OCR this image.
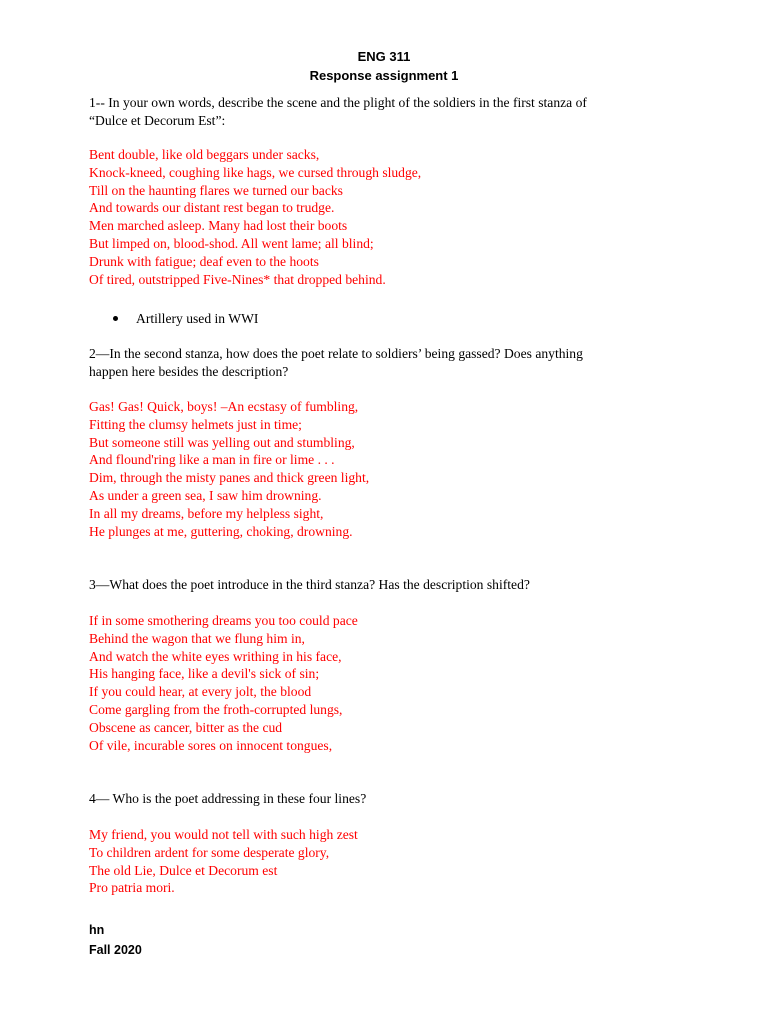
ENG 311

Response assignment 1

1-- In your own words, describe the scene and the plight of the soldiers in the first stanza of
“Dulce et Decorum Est”:
Bent double, like old beggars under sacks,
Knock-kneed, coughing like hags, we cursed through sludge,
Till on the haunting flares we turned our backs
And towards our distant rest began to trudge.
Men marched asleep. Many had lost their boots
But limped on, blood-shod. All went lame; all blind;
Drunk with fatigue; deaf even to the hoots
Of tired, outstripped Five-Nines* that dropped behind.
Artillery used in WWI
2—In the second stanza, how does the poet relate to soldiers’ being gassed? Does anything
happen here besides the description?
Gas! Gas! Quick, boys! –An ecstasy of fumbling,
Fitting the clumsy helmets just in time;
But someone still was yelling out and stumbling,
And flound'ring like a man in fire or lime . . .
Dim, through the misty panes and thick green light,
As under a green sea, I saw him drowning.
In all my dreams, before my helpless sight,
He plunges at me, guttering, choking, drowning.
3—What does the poet introduce in the third stanza? Has the description shifted?
If in some smothering dreams you too could pace
Behind the wagon that we flung him in,
And watch the white eyes writhing in his face,
His hanging face, like a devil's sick of sin;
If you could hear, at every jolt, the blood
Come gargling from the froth-corrupted lungs,
Obscene as cancer, bitter as the cud
Of vile, incurable sores on innocent tongues,
4— Who is the poet addressing in these four lines?
My friend, you would not tell with such high zest
To children ardent for some desperate glory,
The old Lie, Dulce et Decorum est
Pro patria mori.

hn

Fall 2020
